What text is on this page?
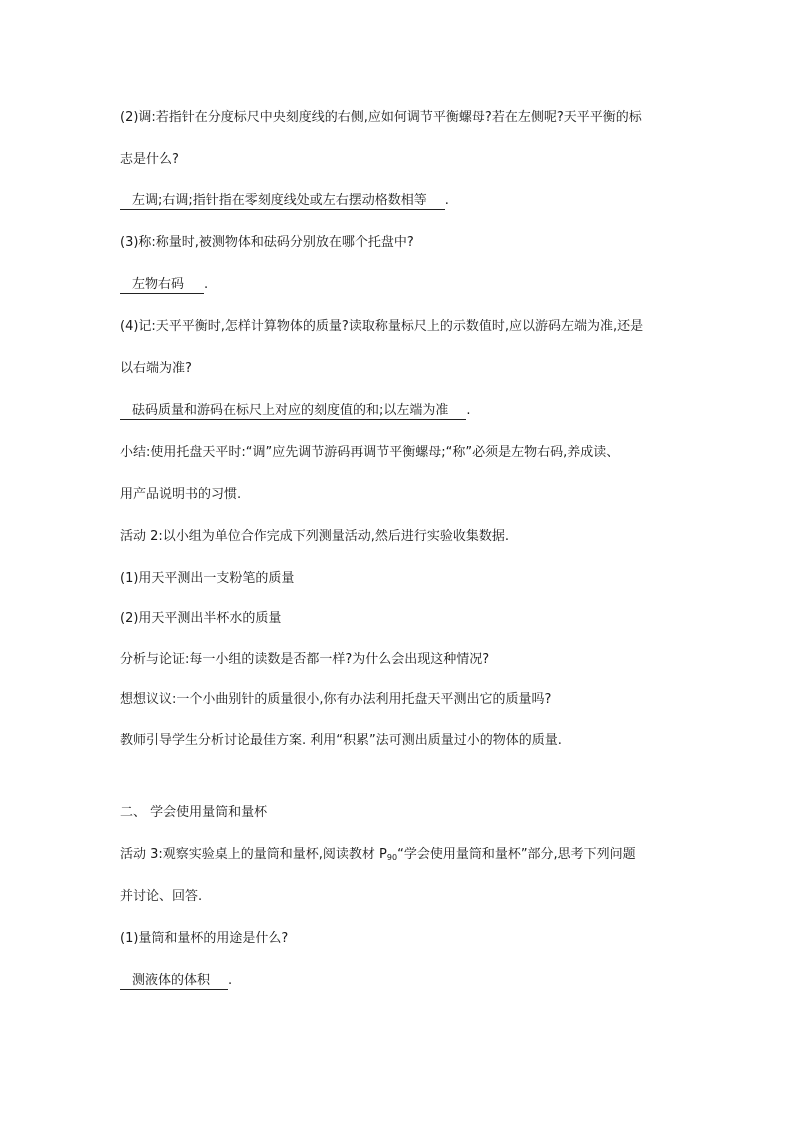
(2)调:若指针在分度标尺中央刻度线的右侧,应如何调节平衡螺母?若在左侧呢?天平平衡的标
志是什么?
左调;右调;指针指在零刻度线处或左右摆动格数相等 .
(3)称:称量时,被测物体和砝码分别放在哪个托盘中?
左物右码 .
(4)记:天平平衡时,怎样计算物体的质量?读取称量标尺上的示数值时,应以游码左端为准,还是
以右端为准?
砝码质量和游码在标尺上对应的刻度值的和;以左端为准 .
小结:使用托盘天平时:“调”应先调节游码再调节平衡螺母;“称”必须是左物右码,养成读、
用产品说明书的习惯.
活动 2:以小组为单位合作完成下列测量活动,然后进行实验收集数据.
(1)用天平测出一支粉笔的质量
(2)用天平测出半杯水的质量
分析与论证:每一小组的读数是否都一样?为什么会出现这种情况?
想想议议:一个小曲别针的质量很小,你有办法利用托盘天平测出它的质量吗?
教师引导学生分析讨论最佳方案. 利用“积累”法可测出质量过小的物体的质量.
二、 学会使用量筒和量杯
活动 3:观察实验桌上的量筒和量杯,阅读教材 $P_{90}“$学会使用量筒和量杯”部分,思考下列问题
并讨论、回答.
(1)量筒和量杯的用途是什么?
测液体的体积 .
